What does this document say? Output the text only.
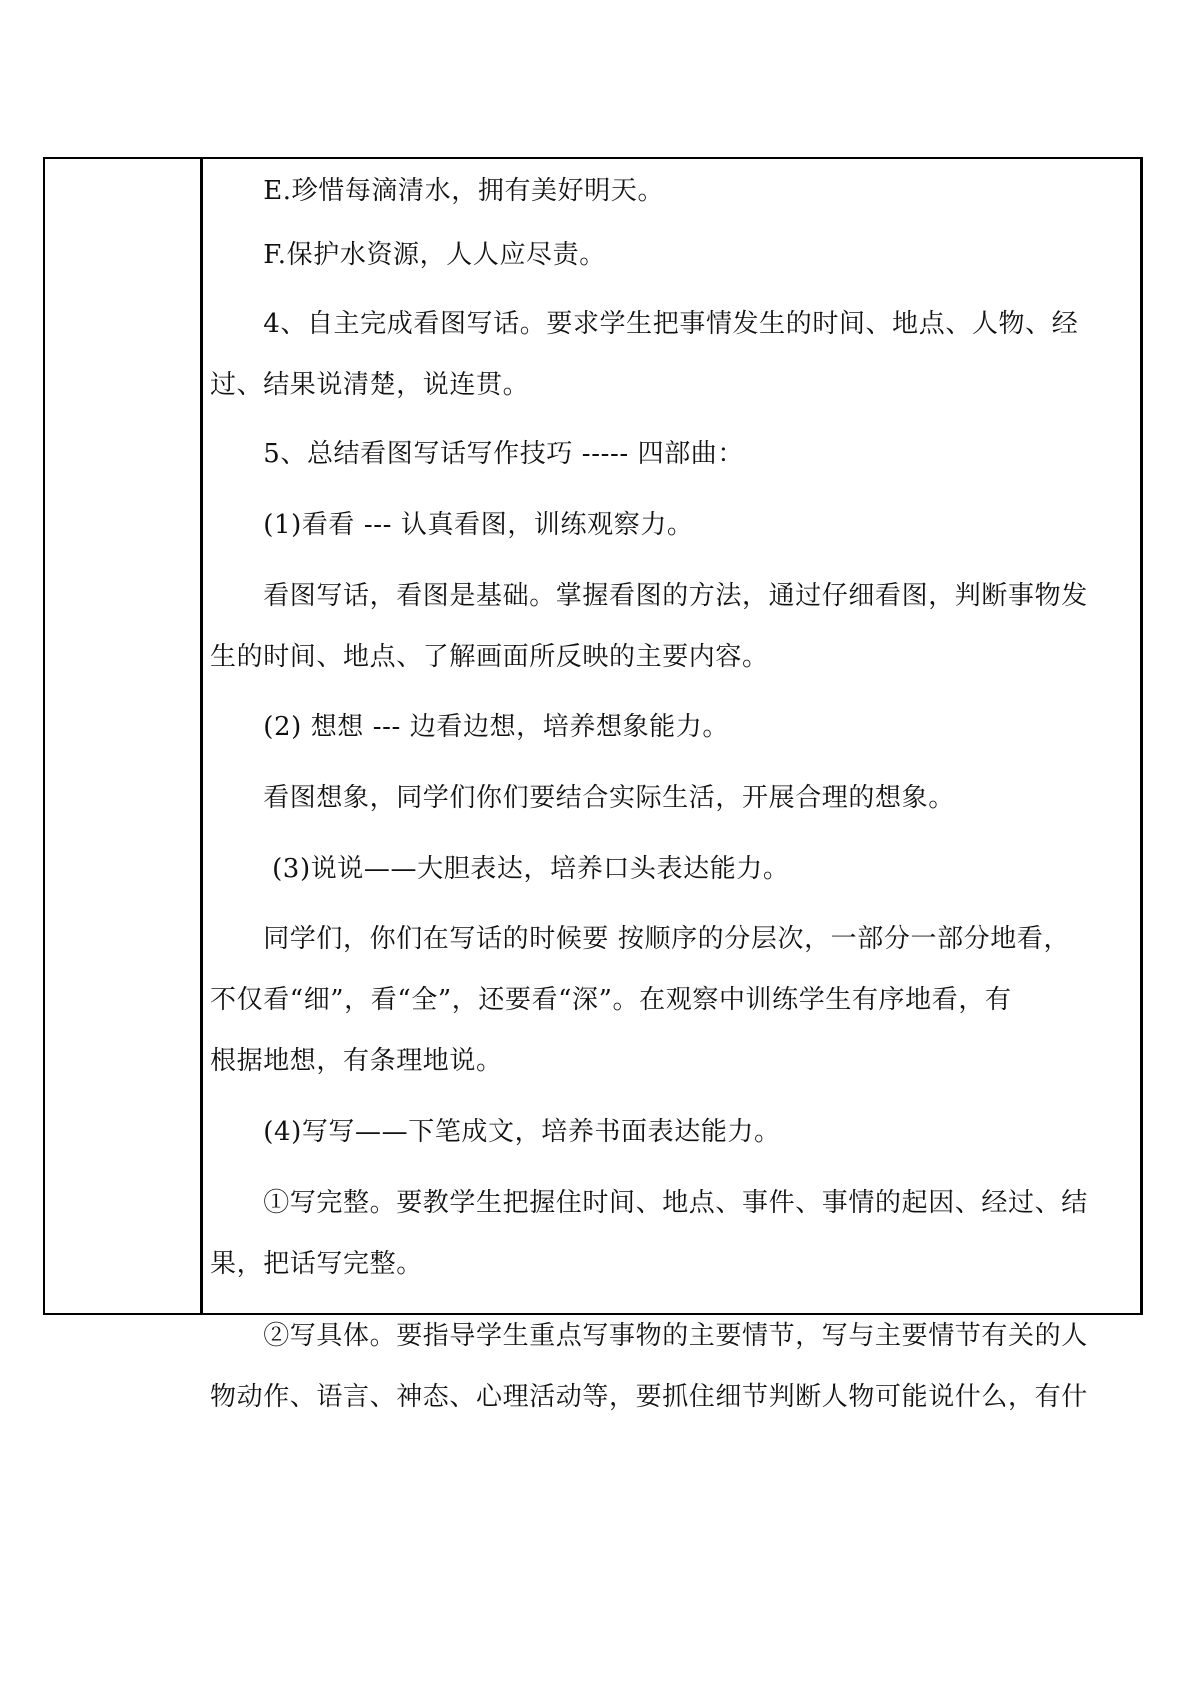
　　E.珍惜每滴清水，拥有美好明天。

　　F.保护水资源，人人应尽责。

　　4、自主完成看图写话。要求学生把事情发生的时间、地点、人物、经
过、结果说清楚，说连贯。

　　5、总结看图写话写作技巧 ----- 四部曲：

　　(1)看看 --- 认真看图，训练观察力。

　　看图写话，看图是基础。掌握看图的方法，通过仔细看图，判断事物发
生的时间、地点、了解画面所反映的主要内容。

　　(2) 想想 --- 边看边想，培养想象能力。

　　看图想象，同学们你们要结合实际生活，开展合理的想象。

　　 (3)说说——大胆表达，培养口头表达能力。

　　同学们，你们在写话的时候要 按顺序的分层次，一部分一部分地看，
不仅看“细”，看“全”，还要看“深”。在观察中训练学生有序地看，有
根据地想，有条理地说。

　　(4)写写——下笔成文，培养书面表达能力。

　　①写完整。要教学生把握住时间、地点、事件、事情的起因、经过、结
果，把话写完整。

　　②写具体。要指导学生重点写事物的主要情节，写与主要情节有关的人

物动作、语言、神态、心理活动等，要抓住细节判断人物可能说什么，有什
